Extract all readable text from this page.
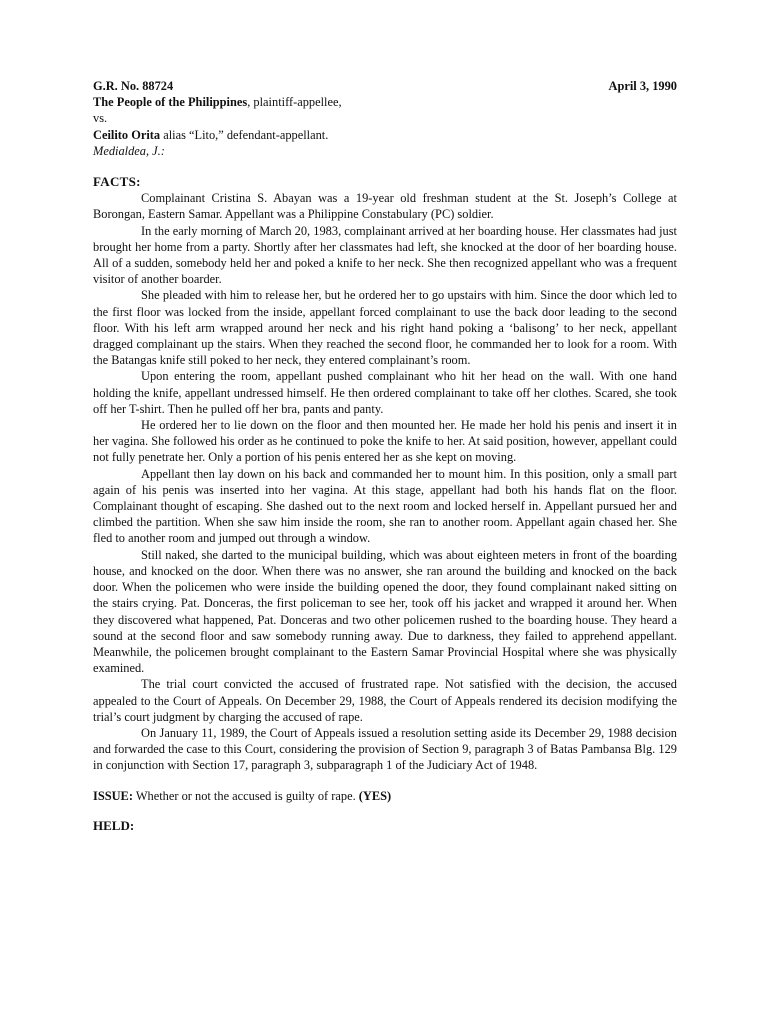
G.R. No. 88724	April 3, 1990
The People of the Philippines, plaintiff-appellee,
vs.
Ceilito Orita alias “Lito,” defendant-appellant.
Medialdea, J.:
FACTS:

Complainant Cristina S. Abayan was a 19-year old freshman student at the St. Joseph’s College at Borongan, Eastern Samar. Appellant was a Philippine Constabulary (PC) soldier.

In the early morning of March 20, 1983, complainant arrived at her boarding house. Her classmates had just brought her home from a party. Shortly after her classmates had left, she knocked at the door of her boarding house. All of a sudden, somebody held her and poked a knife to her neck. She then recognized appellant who was a frequent visitor of another boarder.

She pleaded with him to release her, but he ordered her to go upstairs with him. Since the door which led to the first floor was locked from the inside, appellant forced complainant to use the back door leading to the second floor. With his left arm wrapped around her neck and his right hand poking a ‘balisong’ to her neck, appellant dragged complainant up the stairs. When they reached the second floor, he commanded her to look for a room. With the Batangas knife still poked to her neck, they entered complainant’s room.

Upon entering the room, appellant pushed complainant who hit her head on the wall. With one hand holding the knife, appellant undressed himself. He then ordered complainant to take off her clothes. Scared, she took off her T-shirt. Then he pulled off her bra, pants and panty.

He ordered her to lie down on the floor and then mounted her. He made her hold his penis and insert it in her vagina. She followed his order as he continued to poke the knife to her. At said position, however, appellant could not fully penetrate her. Only a portion of his penis entered her as she kept on moving.

Appellant then lay down on his back and commanded her to mount him. In this position, only a small part again of his penis was inserted into her vagina. At this stage, appellant had both his hands flat on the floor. Complainant thought of escaping. She dashed out to the next room and locked herself in. Appellant pursued her and climbed the partition. When she saw him inside the room, she ran to another room. Appellant again chased her. She fled to another room and jumped out through a window.

Still naked, she darted to the municipal building, which was about eighteen meters in front of the boarding house, and knocked on the door. When there was no answer, she ran around the building and knocked on the back door. When the policemen who were inside the building opened the door, they found complainant naked sitting on the stairs crying. Pat. Donceras, the first policeman to see her, took off his jacket and wrapped it around her. When they discovered what happened, Pat. Donceras and two other policemen rushed to the boarding house. They heard a sound at the second floor and saw somebody running away. Due to darkness, they failed to apprehend appellant. Meanwhile, the policemen brought complainant to the Eastern Samar Provincial Hospital where she was physically examined.

The trial court convicted the accused of frustrated rape. Not satisfied with the decision, the accused appealed to the Court of Appeals. On December 29, 1988, the Court of Appeals rendered its decision modifying the trial’s court judgment by charging the accused of rape.

On January 11, 1989, the Court of Appeals issued a resolution setting aside its December 29, 1988 decision and forwarded the case to this Court, considering the provision of Section 9, paragraph 3 of Batas Pambansa Blg. 129 in conjunction with Section 17, paragraph 3, subparagraph 1 of the Judiciary Act of 1948.

ISSUE: Whether or not the accused is guilty of rape. (YES)
HELD:
